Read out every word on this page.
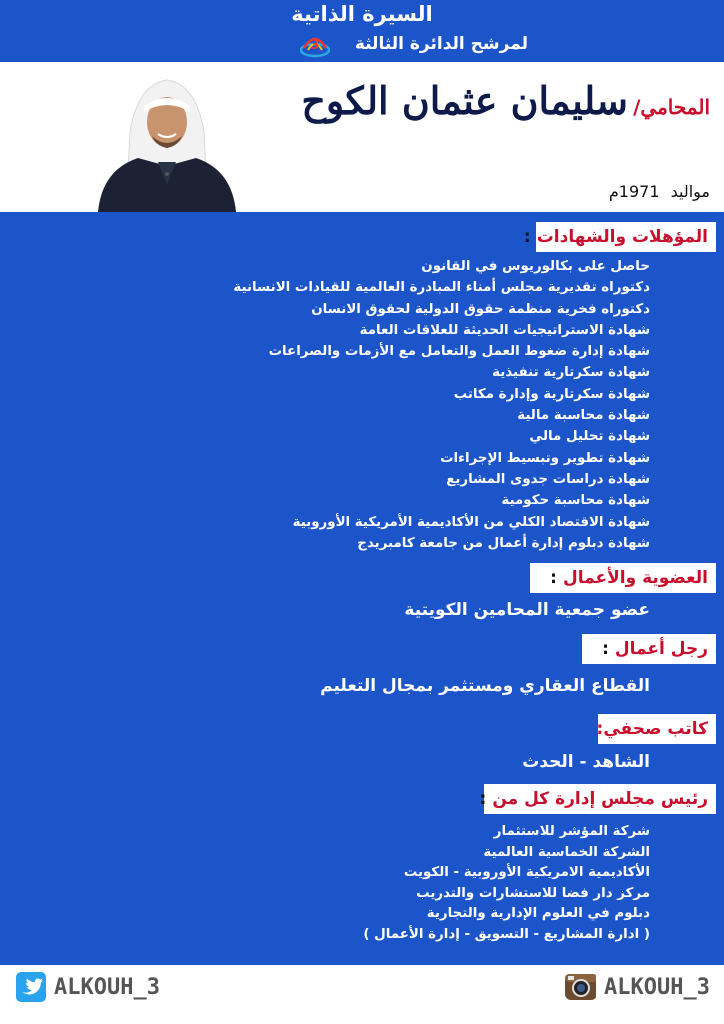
السيرة الذاتية
لمرشح الدائرة الثالثة
3
المحامي/ سليمان عثمان الكوح
مواليد 1971م
المؤهلات والشهادات
:
حاصل على بكالوريوس في القانون
دكتوراه تقديرية مجلس أمناء المبادرة العالمية للقيادات الانسانية
دكتوراه فخرية منظمة حقوق الدولية لحقوق الانسان
شهادة الاستراتيجيات الحديثة للعلاقات العامة
شهادة إدارة ضغوط العمل والتعامل مع الأزمات والصراعات
شهادة سكرتارية تنفيذية
شهادة سكرتارية وإدارة مكاتب
شهادة محاسبة مالية
شهادة تحليل مالي
شهادة تطوير وتبسيط الإجراءات
شهادة دراسات جدوى المشاريع
شهادة محاسبة حكومية
شهادة الاقتصاد الكلي من الأكاديمية الأمريكية الأوروبية
شهادة دبلوم إدارة أعمال من جامعة كامبريدج
العضوية والأعمال
:
عضو جمعية المحامين الكويتية
رجل أعمال
:
القطاع العقاري ومستثمر بمجال التعليم
كاتب صحفي:
الشاهد - الحدث
رئيس مجلس إدارة كل من
:
شركة المؤشر للاستثمار
الشركة الخماسية العالمية
الأكاديمية الامريكية الأوروبية - الكويت
مركز دار فضا للاستشارات والتدريب
دبلوم في العلوم الإدارية والتجارية
( ادارة المشاريع - التسويق - إدارة الأعمال )
ALKOUH_3	ALKOUH_3
